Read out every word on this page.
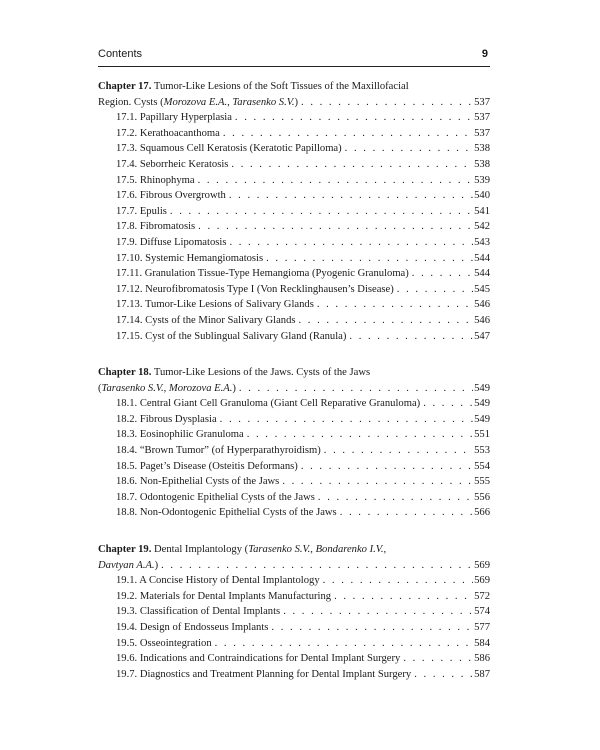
Contents	9
Chapter 17. Tumor-Like Lesions of the Soft Tissues of the Maxillofacial
Region. Cysts (Morozova E.A., Tarasenko S.V.) . . .	537
17.1. Papillary Hyperplasia . . .	537
17.2. Kerathoacanthoma . . .	537
17.3. Squamous Cell Keratosis (Keratotic Papilloma) . . .	538
17.4. Seborrheic Keratosis . . .	538
17.5. Rhinophyma . . .	539
17.6. Fibrous Overgrowth . . .	540
17.7. Epulis . . .	541
17.8. Fibromatosis . . .	542
17.9. Diffuse Lipomatosis . . .	543
17.10. Systemic Hemangiomatosis . . .	544
17.11. Granulation Tissue-Type Hemangioma (Pyogenic Granuloma) . . .	544
17.12. Neurofibromatosis Type I (Von Recklinghausen’s Disease) . . .	545
17.13. Tumor-Like Lesions of Salivary Glands . . .	546
17.14. Cysts of the Minor Salivary Glands . . .	546
17.15. Cyst of the Sublingual Salivary Gland (Ranula) . . .	547
Chapter 18. Tumor-Like Lesions of the Jaws. Cysts of the Jaws
(Tarasenko S.V., Morozova E.A.) . . .	549
18.1. Central Giant Cell Granuloma (Giant Cell Reparative Granuloma) . . .	549
18.2. Fibrous Dysplasia . . .	549
18.3. Eosinophilic Granuloma . . .	551
18.4. “Brown Tumor” (of Hyperparathyroidism) . . .	553
18.5. Paget’s Disease (Osteitis Deformans) . . .	554
18.6. Non-Epithelial Cysts of the Jaws . . .	555
18.7. Odontogenic Epithelial Cysts of the Jaws . . .	556
18.8. Non-Odontogenic Epithelial Cysts of the Jaws . . .	566
Chapter 19. Dental Implantology (Tarasenko S.V., Bondarenko I.V.,
Davtyan A.A.) . . .	569
19.1. A Concise History of Dental Implantology . . .	569
19.2. Materials for Dental Implants Manufacturing . . .	572
19.3. Classification of Dental Implants . . .	574
19.4. Design of Endosseus Implants . . .	577
19.5. Osseointegration . . .	584
19.6. Indications and Contraindications for Dental Implant Surgery . . .	586
19.7. Diagnostics and Treatment Planning for Dental Implant Surgery . . .	587
